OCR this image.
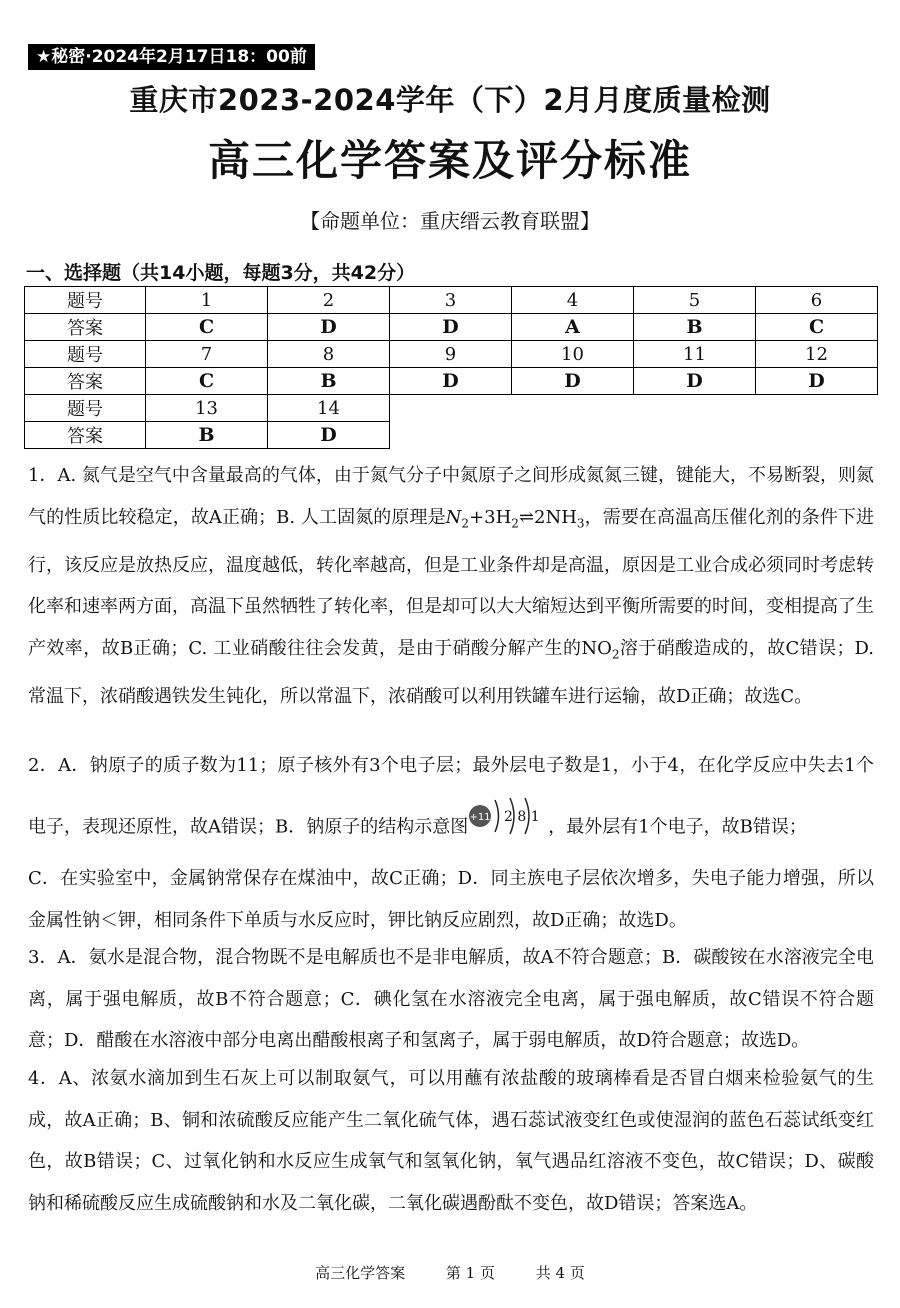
★秘密·2024年2月17日18：00前
重庆市2023-2024学年（下）2月月度质量检测
高三化学答案及评分标准
【命题单位：重庆缙云教育联盟】
一、选择题（共14小题，每题3分，共42分）
题号	1	2	3	4	5	6
答案	C	D	D	A	B	C
题号	7	8	9	10	11	12
答案	C	B	D	D	D	D
题号	13	14				
答案	B	D				
1．A. 氮气是空气中含量最高的气体，由于氮气分子中氮原子之间形成氮氮三键，键能大，不易断裂，则氮气的性质比较稳定，故A正确；B. 人工固氮的原理是$N_2+3H_2\rightleftharpoons 2NH_3$，需要在高温高压催化剂的条件下进行，该反应是放热反应，温度越低，转化率越高，但是工业条件却是高温，原因是工业合成必须同时考虑转化率和速率两方面，高温下虽然牺牲了转化率，但是却可以大大缩短达到平衡所需要的时间，变相提高了生产效率，故B正确；C. 工业硝酸往往会发黄，是由于硝酸分解产生的$NO_2$溶于硝酸造成的，故C错误；D. 常温下，浓硝酸遇铁发生钝化，所以常温下，浓硝酸可以利用铁罐车进行运输，故D正确；故选C。
2．A．钠原子的质子数为11；原子核外有3个电子层；最外层电子数是1，小于4，在化学反应中失去1个电子，表现还原性，故A错误；B．钠原子的结构示意图 +11 2 8 1 ，最外层有1个电子，故B错误；
C．在实验室中，金属钠常保存在煤油中，故C正确；D．同主族电子层依次增多，失电子能力增强，所以金属性钠＜钾，相同条件下单质与水反应时，钾比钠反应剧烈，故D正确；故选D。
3．A．氨水是混合物，混合物既不是电解质也不是非电解质，故A不符合题意；B．碳酸铵在水溶液完全电离，属于强电解质，故B不符合题意；C．碘化氢在水溶液完全电离，属于强电解质，故C错误不符合题意；D．醋酸在水溶液中部分电离出醋酸根离子和氢离子，属于弱电解质，故D符合题意；故选D。
4．A、浓氨水滴加到生石灰上可以制取氨气，可以用蘸有浓盐酸的玻璃棒看是否冒白烟来检验氨气的生成，故A正确；B、铜和浓硫酸反应能产生二氧化硫气体，遇石蕊试液变红色或使湿润的蓝色石蕊试纸变红色，故B错误；C、过氧化钠和水反应生成氧气和氢氧化钠，氧气遇品红溶液不变色，故C错误；D、碳酸钠和稀硫酸反应生成硫酸钠和水及二氧化碳，二氧化碳遇酚酞不变色，故D错误；答案选A。
高三化学答案	第 1 页	共 4 页
